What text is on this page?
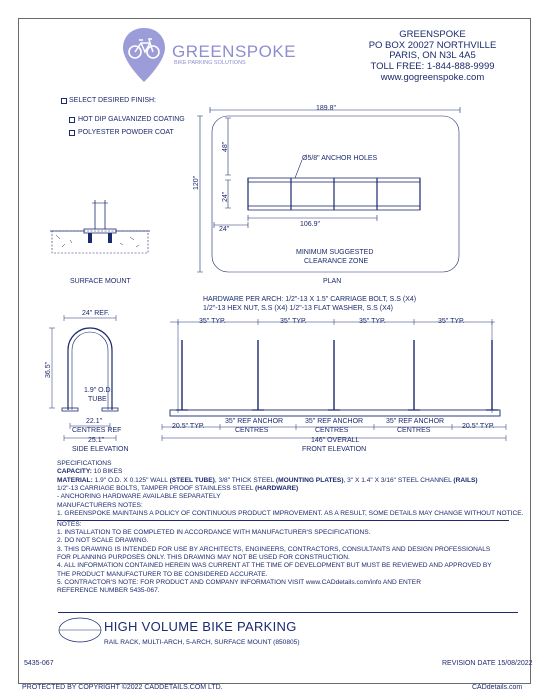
GREENSPOKE
BIKE PARKING SOLUTIONS
GREENSPOKE
PO BOX 20027 NORTHVILLE
PARIS, ON N3L 4A5
TOLL FREE: 1-844-888-9999
www.gogreenspoke.com
SELECT DESIRED FINISH:
HOT DIP GALVANIZED COATING
POLYESTER POWDER COAT
SURFACE MOUNT
189.8"
120"
48"
24"
24"
106.9"
Ø5/8" ANCHOR HOLES
MINIMUM SUGGESTED
CLEARANCE ZONE
PLAN
24" REF.
36.5"
1.9" O.D.
TUBE
22.1"
CENTRES REF
25.1"
SIDE ELEVATION
HARDWARE PER ARCH: 1/2"-13 X 1.5" CARRIAGE BOLT, S.S (X4)
1/2"-13 HEX NUT, S.S (X4) 1/2"-13 FLAT WASHER, S.S (X4)
35" TYP.	35" TYP.	35" TYP.	35" TYP.
20.5" TYP.
35" REF ANCHOR
CENTRES
35" REF ANCHOR
CENTRES
35" REF ANCHOR
CENTRES
20.5" TYP.
146" OVERALL
FRONT ELEVATION
SPECIFICATIONS
CAPACITY: 10 BIKES
MATERIAL: 1.9" O.D. X 0.125" WALL (STEEL TUBE), 3/8" THICK STEEL (MOUNTING PLATES), 3" X 1.4" X 3/16" STEEL CHANNEL (RAILS)
1/2"-13 CARRIAGE BOLTS, TAMPER PROOF STAINLESS STEEL (HARDWARE)
- ANCHORING HARDWARE AVAILABLE SEPARATELY
MANUFACTURERS NOTES:
1. GREENSPOKE MAINTAINS A POLICY OF CONTINUOUS PRODUCT IMPROVEMENT. AS A RESULT, SOME DETAILS MAY CHANGE WITHOUT NOTICE.
NOTES:
1. INSTALLATION TO BE COMPLETED IN ACCORDANCE WITH MANUFACTURER'S SPECIFICATIONS.
2. DO NOT SCALE DRAWING.
3. THIS DRAWING IS INTENDED FOR USE BY ARCHITECTS, ENGINEERS, CONTRACTORS, CONSULTANTS AND DESIGN PROFESSIONALS
FOR PLANNING PURPOSES ONLY. THIS DRAWING MAY NOT BE USED FOR CONSTRUCTION.
4. ALL INFORMATION CONTAINED HEREIN WAS CURRENT AT THE TIME OF DEVELOPMENT BUT MUST BE REVIEWED AND APPROVED BY
THE PRODUCT MANUFACTURER TO BE CONSIDERED ACCURATE.
5. CONTRACTOR'S NOTE: FOR PRODUCT AND COMPANY INFORMATION VISIT www.CADdetails.com/info AND ENTER
REFERENCE NUMBER 5435-067.
HIGH VOLUME BIKE PARKING
RAIL RACK, MULTI-ARCH, 5-ARCH, SURFACE MOUNT (850805)
5435-067	REVISION DATE 15/08/2022
PROTECTED BY COPYRIGHT ©2022 CADDETAILS.COM LTD.	CADdetails.com
